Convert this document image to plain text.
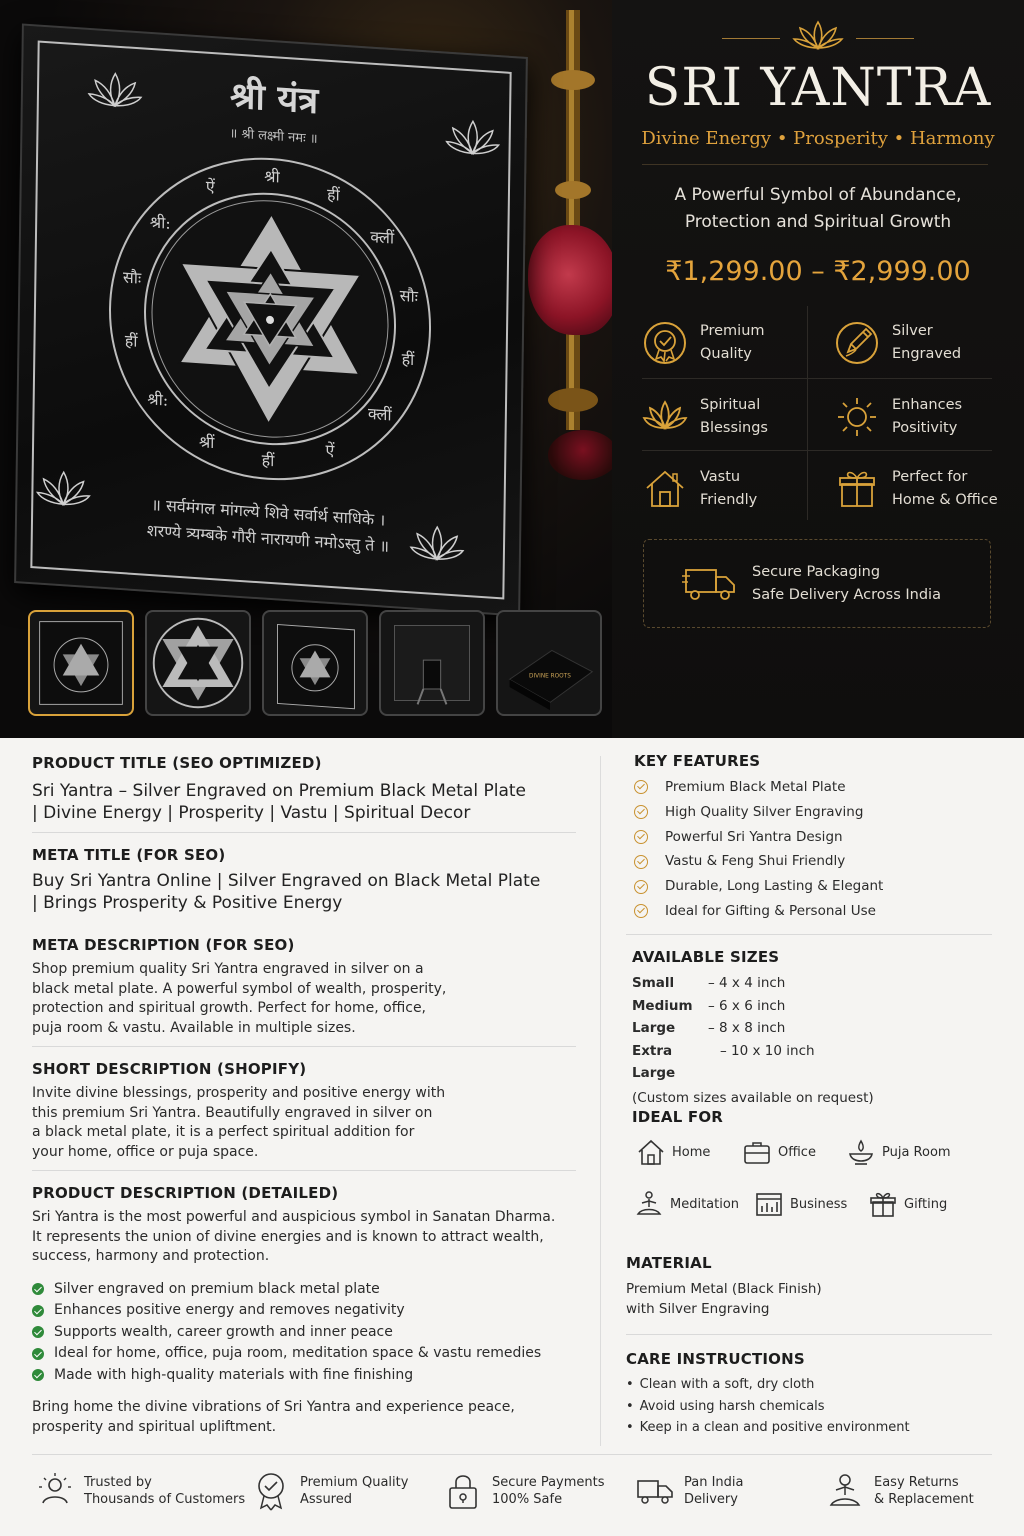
श्री यंत्र
॥ श्री लक्ष्मी नमः ॥
श्री
हीं
क्लीं
सौः
हीं
क्लीं
ऐं
हीं
श्रीं
श्री:
हीं
सौः
श्री:
ऐं
॥ सर्वमंगल मांगल्ये शिवे सर्वार्थ साधिके ।
शरण्ये त्र्यम्बके गौरी नारायणी नमोऽस्तु ते ॥
DIVINE ROOTS
SRI YANTRA
Divine Energy • Prosperity • Harmony
A Powerful Symbol of Abundance,
Protection and Spiritual Growth
₹1,299.00 – ₹2,999.00
Premium
Quality
Silver
Engraved
Spiritual
Blessings
Enhances
Positivity
Vastu
Friendly
Perfect for
Home & Office
Secure Packaging
Safe Delivery Across India
PRODUCT TITLE (SEO OPTIMIZED)
Sri Yantra – Silver Engraved on Premium Black Metal Plate
| Divine Energy | Prosperity | Vastu | Spiritual Decor
META TITLE (FOR SEO)
Buy Sri Yantra Online | Silver Engraved on Black Metal Plate
| Brings Prosperity & Positive Energy
META DESCRIPTION (FOR SEO)
Shop premium quality Sri Yantra engraved in silver on a
black metal plate. A powerful symbol of wealth, prosperity,
protection and spiritual growth. Perfect for home, office,
puja room & vastu. Available in multiple sizes.
SHORT DESCRIPTION (SHOPIFY)
Invite divine blessings, prosperity and positive energy with
this premium Sri Yantra. Beautifully engraved in silver on
a black metal plate, it is a perfect spiritual addition for
your home, office or puja space.
PRODUCT DESCRIPTION (DETAILED)
Sri Yantra is the most powerful and auspicious symbol in Sanatan Dharma.
It represents the union of divine energies and is known to attract wealth,
success, harmony and protection.
Silver engraved on premium black metal plate
Enhances positive energy and removes negativity
Supports wealth, career growth and inner peace
Ideal for home, office, puja room, meditation space & vastu remedies
Made with high-quality materials with fine finishing
Bring home the divine vibrations of Sri Yantra and experience peace,
prosperity and spiritual upliftment.
KEY FEATURES
Premium Black Metal Plate
High Quality Silver Engraving
Powerful Sri Yantra Design
Vastu & Feng Shui Friendly
Durable, Long Lasting & Elegant
Ideal for Gifting & Personal Use
AVAILABLE SIZES
Small	– 4 x 4 inch
Medium	– 6 x 6 inch
Large	– 8 x 8 inch
Extra Large
– 10 x 10 inch
(Custom sizes available on request)
IDEAL FOR
Home	Office	Puja Room
Meditation	Business	Gifting
MATERIAL
Premium Metal (Black Finish)
with Silver Engraving
CARE INSTRUCTIONS
• Clean with a soft, dry cloth
• Avoid using harsh chemicals
• Keep in a clean and positive environment
Trusted by
Thousands of Customers
Premium Quality
Assured
Secure Payments
100% Safe
Pan India
Delivery
Easy Returns
& Replacement
